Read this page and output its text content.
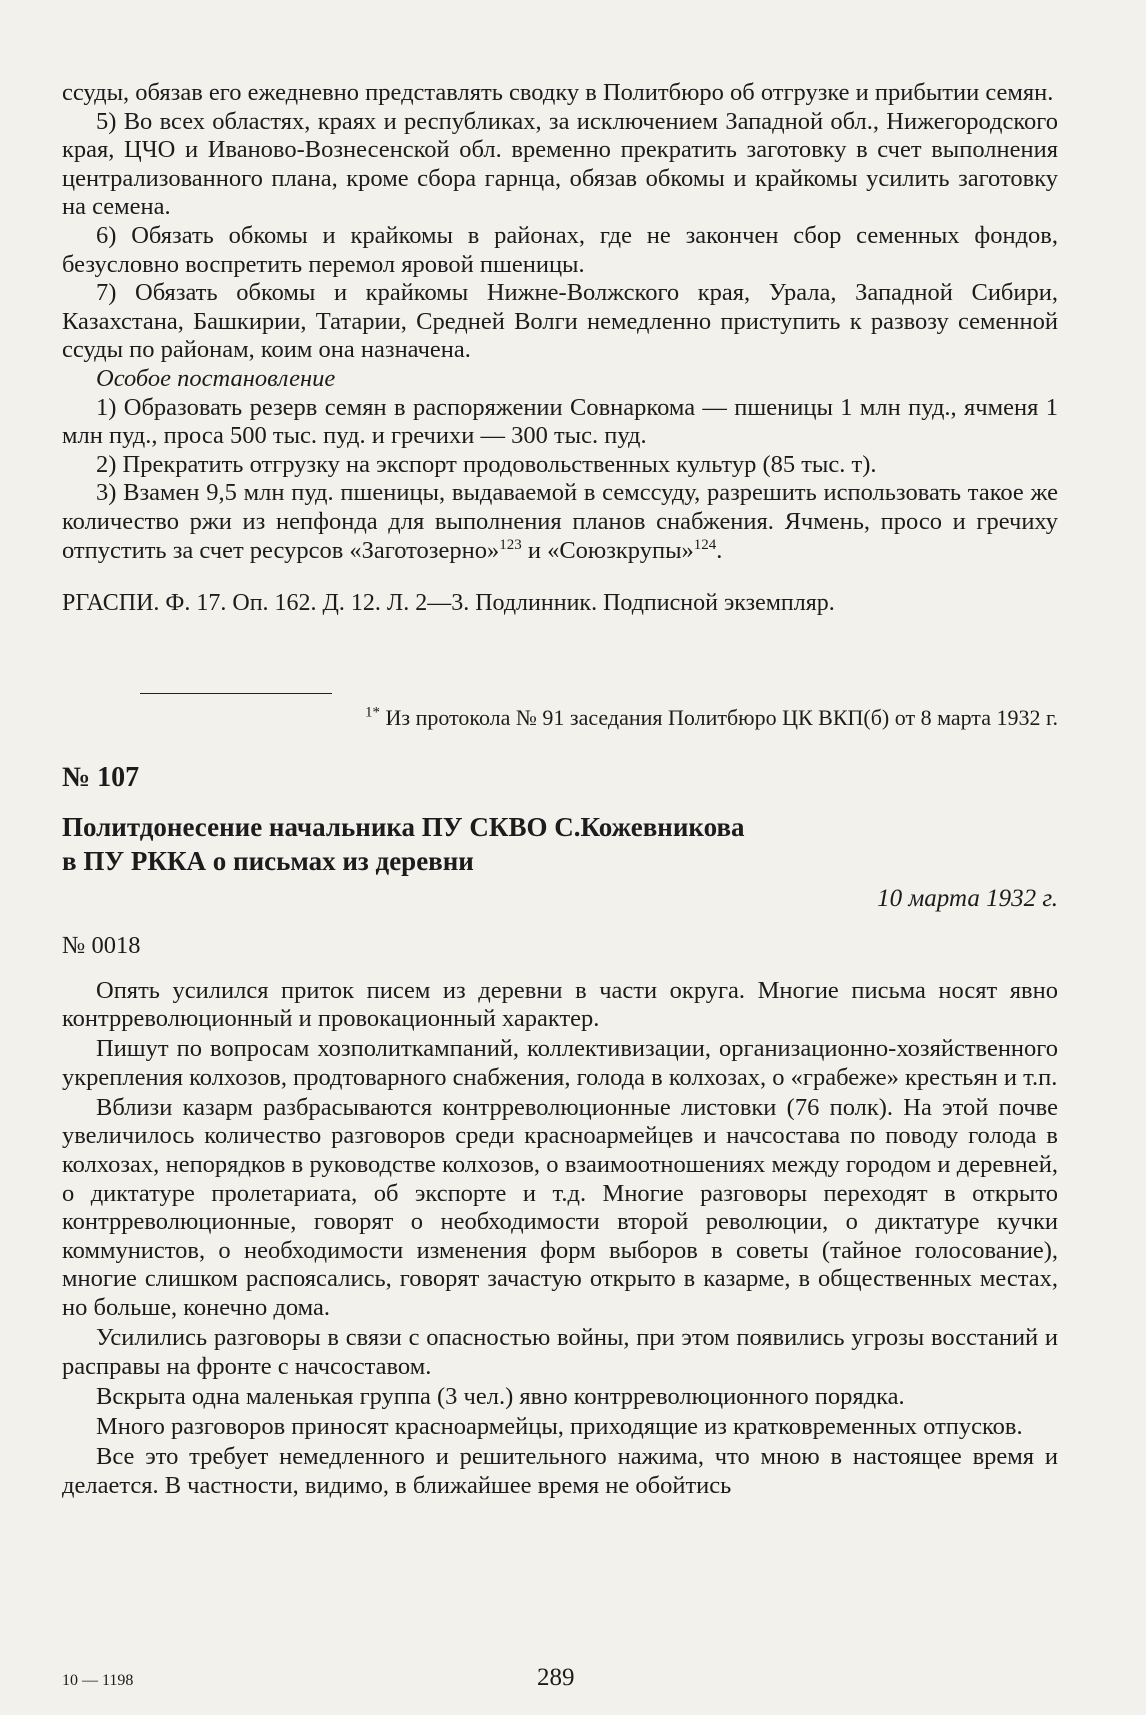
ссуды, обязав его ежедневно представлять сводку в Политбюро об отгрузке и прибытии семян.

5) Во всех областях, краях и республиках, за исключением Западной обл., Нижегородского края, ЦЧО и Иваново-Вознесенской обл. временно прекратить заготовку в счет выполнения централизованного плана, кроме сбора гарнца, обязав обкомы и крайкомы усилить заготовку на семена.

6) Обязать обкомы и крайкомы в районах, где не закончен сбор семенных фондов, безусловно воспретить перемол яровой пшеницы.

7) Обязать обкомы и крайкомы Нижне-Волжского края, Урала, Западной Сибири, Казахстана, Башкирии, Татарии, Средней Волги немедленно приступить к развозу семенной ссуды по районам, коим она назначена.

Особое постановление

1) Образовать резерв семян в распоряжении Совнаркома — пшеницы 1 млн пуд., ячменя 1 млн пуд., проса 500 тыс. пуд. и гречихи — 300 тыс. пуд.

2) Прекратить отгрузку на экспорт продовольственных культур (85 тыс. т).

3) Взамен 9,5 млн пуд. пшеницы, выдаваемой в семссуду, разрешить использовать такое же количество ржи из непфонда для выполнения планов снабжения. Ячмень, просо и гречиху отпустить за счет ресурсов «Заготозерно»$^{123}$ и «Союзкрупы»$^{124}$.

РГАСПИ. Ф. 17. Оп. 162. Д. 12. Л. 2—3. Подлинник. Подписной экземпляр.

$^{1*}$ Из протокола № 91 заседания Политбюро ЦК ВКП(б) от 8 марта 1932 г.
№ 107
Политдонесение начальника ПУ СКВО С.Кожевникова
в ПУ РККА о письмах из деревни
10 марта 1932 г.
№ 0018

Опять усилился приток писем из деревни в части округа. Многие письма носят явно контрреволюционный и провокационный характер.

Пишут по вопросам хозполиткампаний, коллективизации, организационно-хозяйственного укрепления колхозов, продтоварного снабжения, голода в колхозах, о «грабеже» крестьян и т.п.

Вблизи казарм разбрасываются контрреволюционные листовки (76 полк). На этой почве увеличилось количество разговоров среди красноармейцев и начсостава по поводу голода в колхозах, непорядков в руководстве колхозов, о взаимоотношениях между городом и деревней, о диктатуре пролетариата, об экспорте и т.д. Многие разговоры переходят в открыто контрреволюционные, говорят о необходимости второй революции, о диктатуре кучки коммунистов, о необходимости изменения форм выборов в советы (тайное голосование), многие слишком распоясались, говорят зачастую открыто в казарме, в общественных местах, но больше, конечно дома.

Усилились разговоры в связи с опасностью войны, при этом появились угрозы восстаний и расправы на фронте с начсоставом.

Вскрыта одна маленькая группа (3 чел.) явно контрреволюционного порядка.

Много разговоров приносят красноармейцы, приходящие из кратковременных отпусков.

Все это требует немедленного и решительного нажима, что мною в настоящее время и делается. В частности, видимо, в ближайшее время не обойтись

10 — 1198	289
